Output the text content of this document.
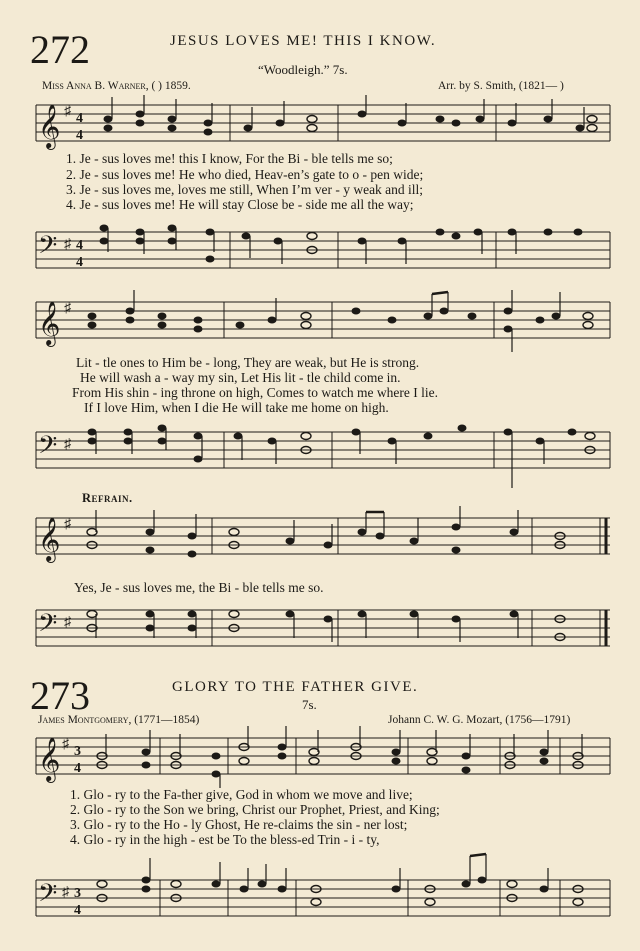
272	JESUS LOVES ME! THIS I KNOW.
“Woodleigh.” 7s.
Miss Anna B. Warner, ( ) 1859.	Arr. by S. Smith, (1821— )
𝄞 ♯ 4
4
1. Je - sus loves me! this I know, For the Bi - ble tells me so;
2. Je - sus loves me! He who died, Heav-en’s gate to o - pen wide;
3. Je - sus loves me, loves me still, When I’m ver - y weak and ill;
4. Je - sus loves me! He will stay Close be - side me all the way;
𝄢 ♯ 4
4
𝄞 ♯
Lit - tle ones to Him be - long, They are weak, but He is strong.
He will wash a - way my sin, Let His lit - tle child come in.
From His shin - ing throne on high, Comes to watch me where I lie.
If I love Him, when I die He will take me home on high.
𝄢 ♯
Refrain.
𝄞 ♯
Yes, Je - sus loves me, the Bi - ble tells me so.
𝄢 ♯
273	GLORY TO THE FATHER GIVE.
7s.
James Montgomery, (1771—1854)	Johann C. W. G. Mozart, (1756—1791)
𝄞 ♯ 3
4
1. Glo - ry to the Fa-ther give, God in whom we move and live;
2. Glo - ry to the Son we bring, Christ our Prophet, Priest, and King;
3. Glo - ry to the Ho - ly Ghost, He re-claims the sin - ner lost;
4. Glo - ry in the high - est be To the bless-ed Trin - i - ty,
𝄢 ♯ 3
4
